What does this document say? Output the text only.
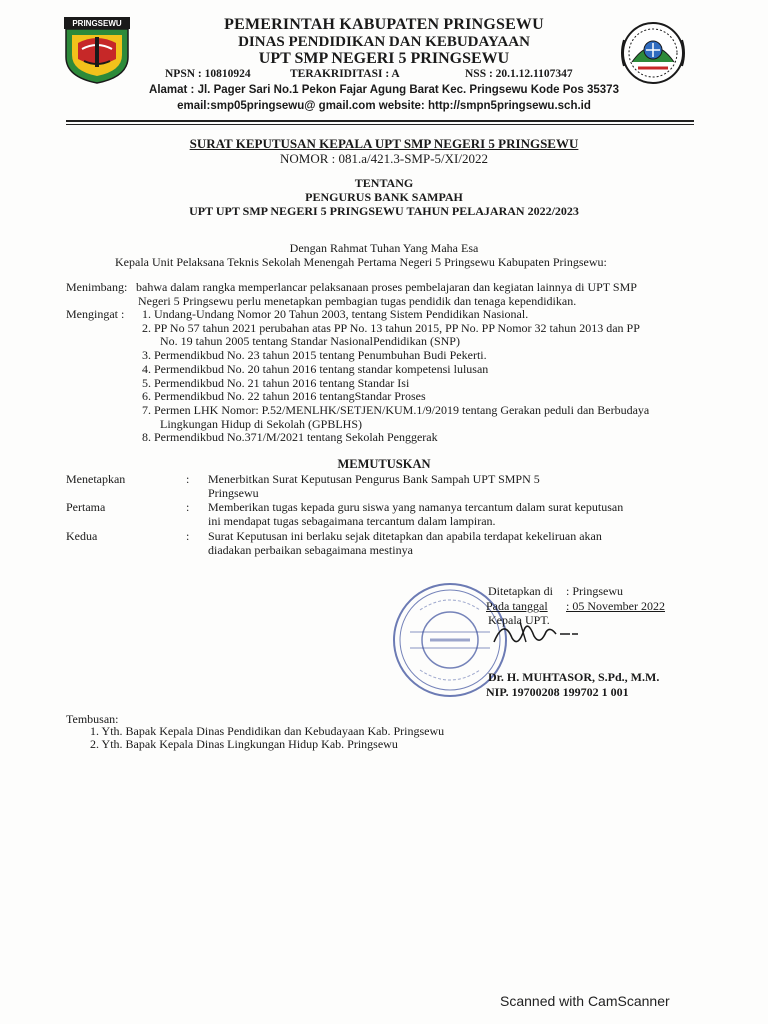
PRINGSEWU	PEMERINTAH KABUPATEN PRINGSEWU
DINAS PENDIDIKAN DAN KEBUDAYAAN
UPT SMP NEGERI 5 PRINGSEWU
NPSN : 10810924	TERAKRIDITASI : A	NSS : 20.1.12.1107347
Alamat : Jl. Pager Sari No.1 Pekon Fajar Agung Barat Kec. Pringsewu Kode Pos 35373
email:smp05pringsewu@ gmail.com website: http://smpn5pringsewu.sch.id
SURAT KEPUTUSAN KEPALA UPT SMP NEGERI 5 PRINGSEWU
NOMOR : 081.a/421.3-SMP-5/XI/2022
TENTANG
PENGURUS BANK SAMPAH
UPT UPT SMP NEGERI 5 PRINGSEWU TAHUN PELAJARAN 2022/2023
Dengan Rahmat Tuhan Yang Maha Esa
Kepala Unit Pelaksana Teknis Sekolah Menengah Pertama Negeri 5 Pringsewu Kabupaten Pringsewu:
Menimbang: bahwa dalam rangka memperlancar pelaksanaan proses pembelajaran dan kegiatan lainnya di UPT SMP
Negeri 5 Pringsewu perlu menetapkan pembagian tugas pendidik dan tenaga kependidikan.
Mengingat : 1. Undang-Undang Nomor 20 Tahun 2003, tentang Sistem Pendidikan Nasional.
2. PP No 57 tahun 2021 perubahan atas PP No. 13 tahun 2015, PP No. PP Nomor 32 tahun 2013 dan PP
No. 19 tahun 2005 tentang Standar NasionalPendidikan (SNP)
3. Permendikbud No. 23 tahun 2015 tentang Penumbuhan Budi Pekerti.
4. Permendikbud No. 20 tahun 2016 tentang standar kompetensi lulusan
5. Permendikbud No. 21 tahun 2016 tentang Standar Isi
6. Permendikbud No. 22 tahun 2016 tentangStandar Proses
7. Permen LHK Nomor: P.52/MENLHK/SETJEN/KUM.1/9/2019 tentang Gerakan peduli dan Berbudaya
Lingkungan Hidup di Sekolah (GPBLHS)
8. Permendikbud No.371/M/2021 tentang Sekolah Penggerak
MEMUTUSKAN
Menetapkan	: Menerbitkan Surat Keputusan Pengurus Bank Sampah UPT SMPN 5
Pringsewu
Pertama	: Memberikan tugas kepada guru siswa yang namanya tercantum dalam surat keputusan
ini mendapat tugas sebagaimana tercantum dalam lampiran.
Kedua	: Surat Keputusan ini berlaku sejak ditetapkan dan apabila terdapat kekeliruan akan
diadakan perbaikan sebagaimana mestinya
Ditetapkan di : Pringsewu
Pada tanggal : 05 November 2022
Kepala UPT.
Dr. H. MUHTASOR, S.Pd., M.M.
NIP. 19700208 199702 1 001
Tembusan:
1. Yth. Bapak Kepala Dinas Pendidikan dan Kebudayaan Kab. Pringsewu
2. Yth. Bapak Kepala Dinas Lingkungan Hidup Kab. Pringsewu
Scanned with CamScanner
